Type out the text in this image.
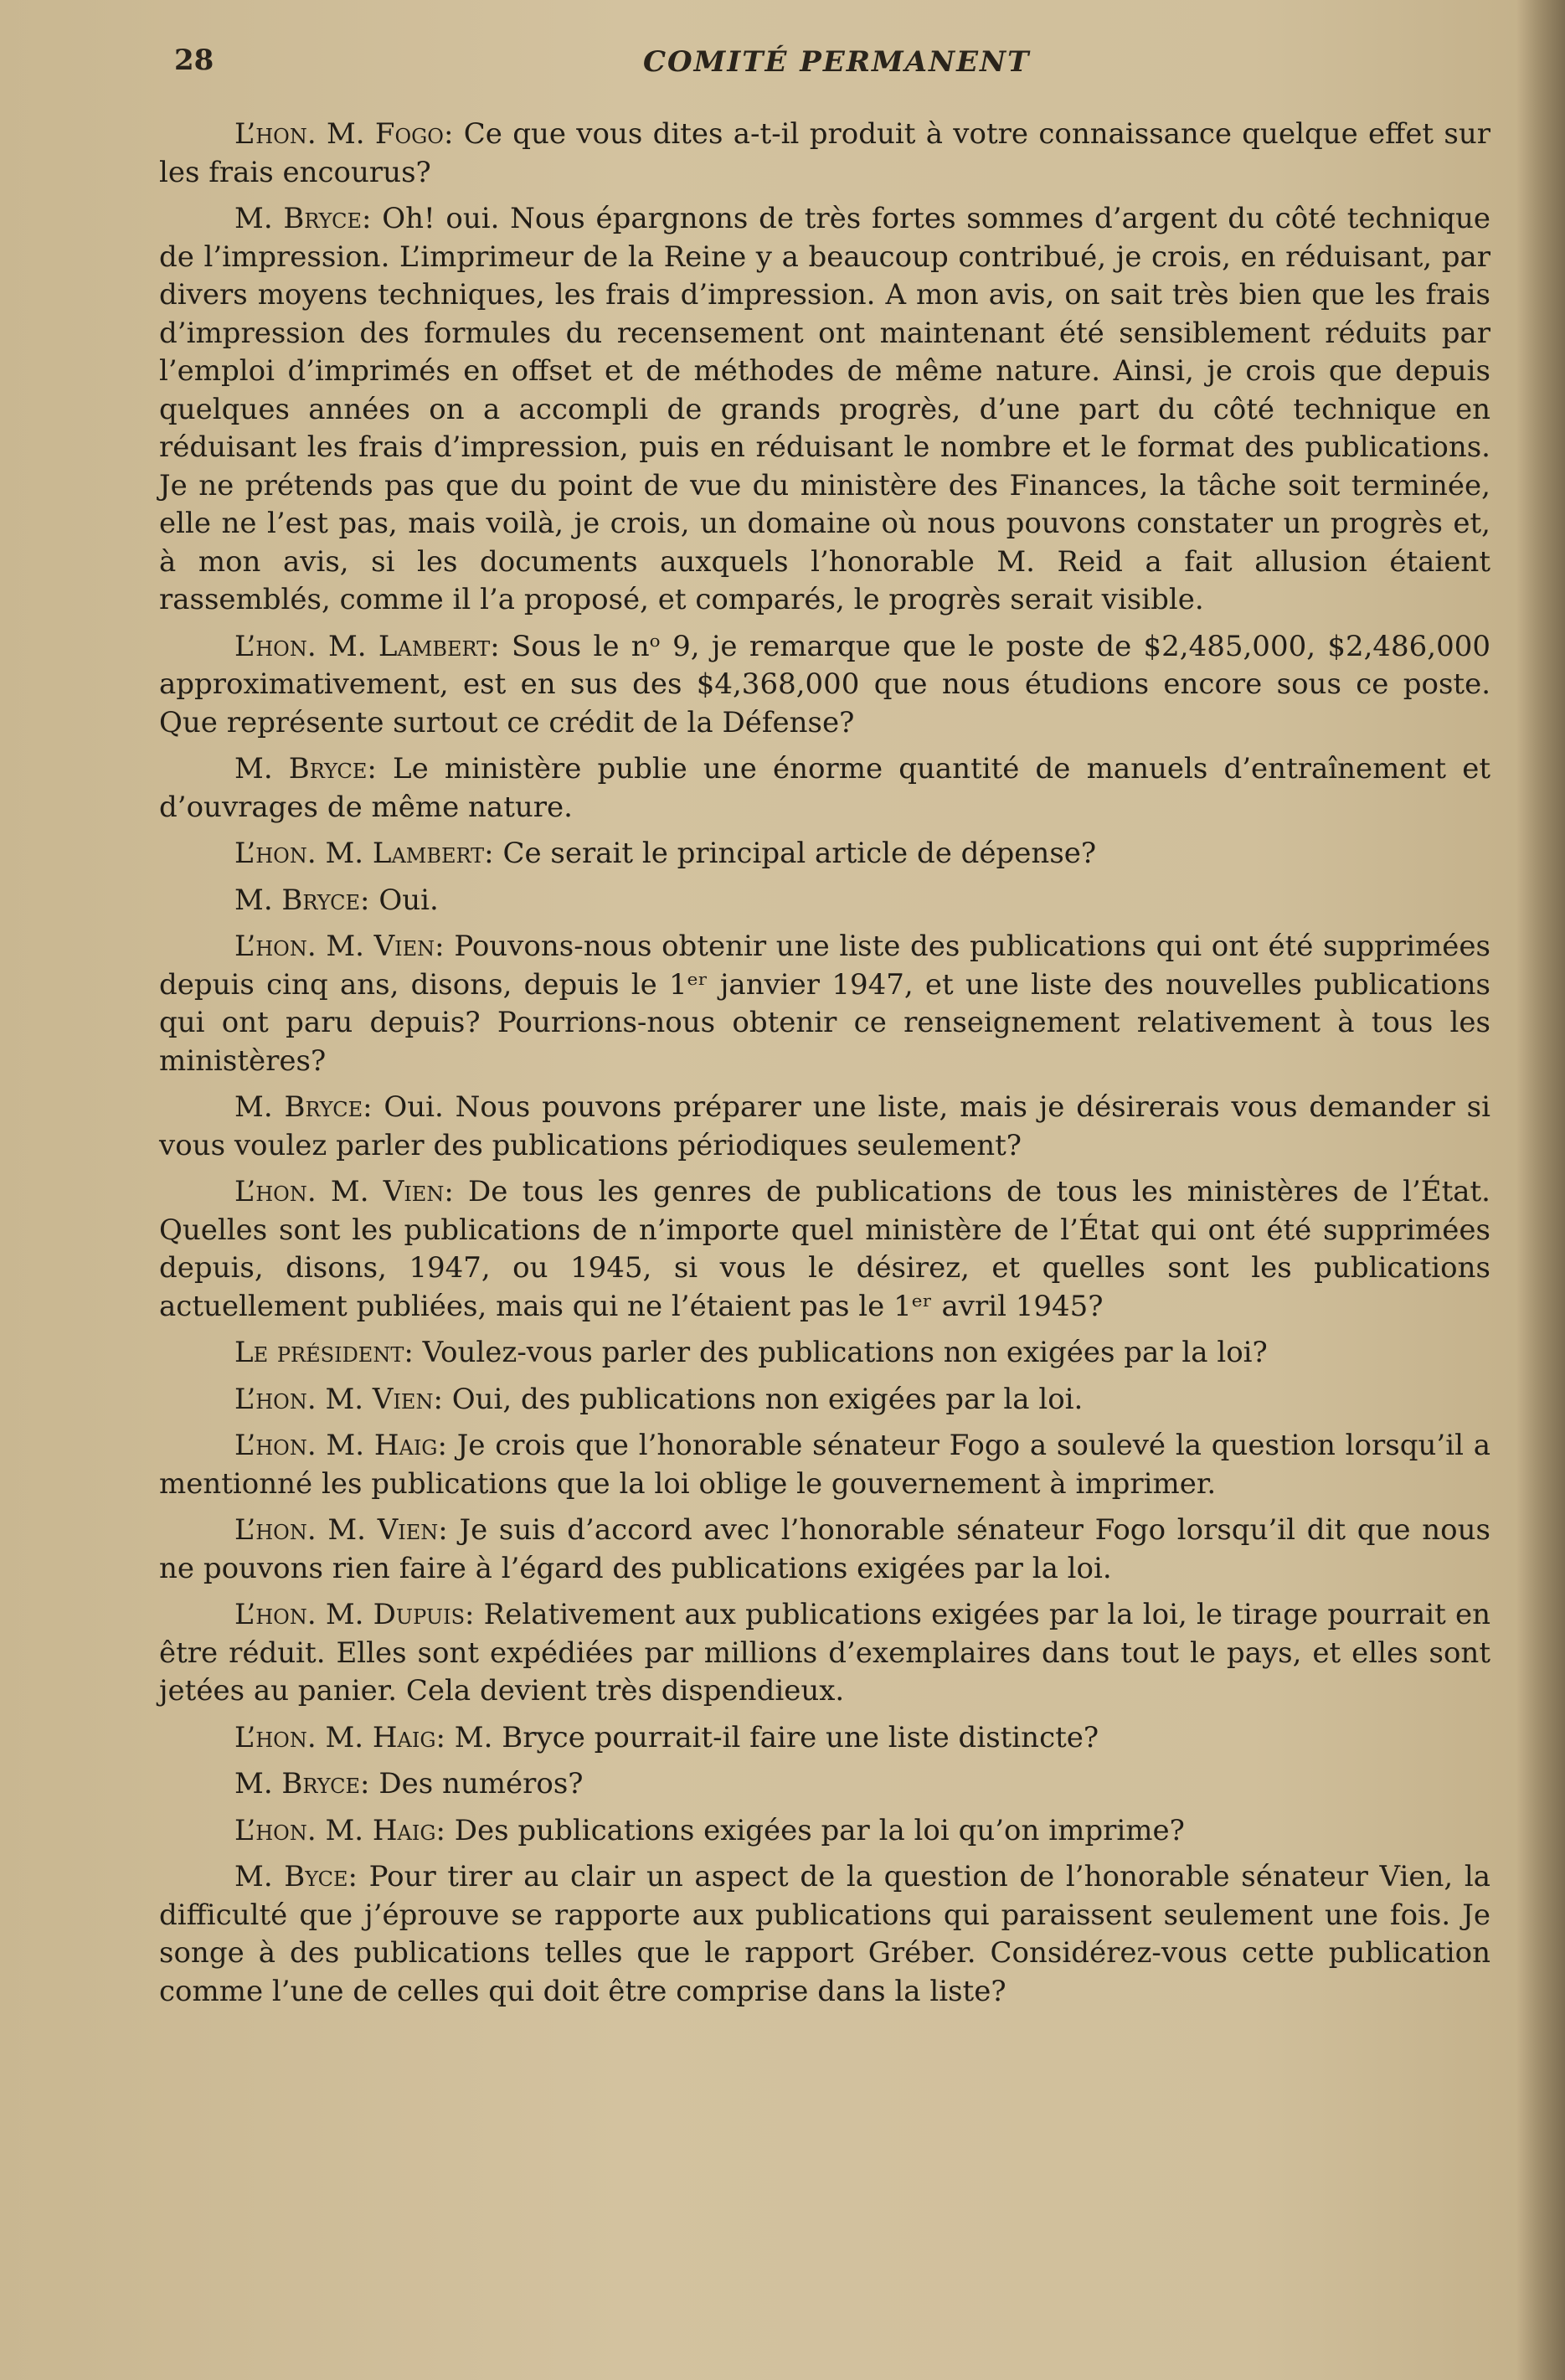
28	COMITÉ PERMANENT

L’hon. M. Fogo: Ce que vous dites a-t-il produit à votre connaissance quelque effet sur les frais encourus?

M. Bryce: Oh! oui. Nous épargnons de très fortes sommes d’argent du côté technique de l’impression. L’imprimeur de la Reine y a beaucoup contribué, je crois, en réduisant, par divers moyens techniques, les frais d’impression. A mon avis, on sait très bien que les frais d’impression des formules du recensement ont maintenant été sensiblement réduits par l’emploi d’imprimés en offset et de méthodes de même nature. Ainsi, je crois que depuis quelques années on a accompli de grands progrès, d’une part du côté technique en réduisant les frais d’impression, puis en réduisant le nombre et le format des publications. Je ne prétends pas que du point de vue du ministère des Finances, la tâche soit terminée, elle ne l’est pas, mais voilà, je crois, un domaine où nous pouvons constater un progrès et, à mon avis, si les documents auxquels l’honorable M. Reid a fait allusion étaient rassemblés, comme il l’a proposé, et comparés, le progrès serait visible.

L’hon. M. Lambert: Sous le nᵒ 9, je remarque que le poste de $2,485,000, $2,486,000 approximativement, est en sus des $4,368,000 que nous étudions encore sous ce poste. Que représente surtout ce crédit de la Défense?

M. Bryce: Le ministère publie une énorme quantité de manuels d’entraînement et d’ouvrages de même nature.

L’hon. M. Lambert: Ce serait le principal article de dépense?

M. Bryce: Oui.

L’hon. M. Vien: Pouvons-nous obtenir une liste des publications qui ont été supprimées depuis cinq ans, disons, depuis le 1ᵉʳ janvier 1947, et une liste des nouvelles publications qui ont paru depuis? Pourrions-nous obtenir ce renseignement relativement à tous les ministères?

M. Bryce: Oui. Nous pouvons préparer une liste, mais je désirerais vous demander si vous voulez parler des publications périodiques seulement?

L’hon. M. Vien: De tous les genres de publications de tous les ministères de l’État. Quelles sont les publications de n’importe quel ministère de l’État qui ont été supprimées depuis, disons, 1947, ou 1945, si vous le désirez, et quelles sont les publications actuellement publiées, mais qui ne l’étaient pas le 1ᵉʳ avril 1945?

Le président: Voulez-vous parler des publications non exigées par la loi?

L’hon. M. Vien: Oui, des publications non exigées par la loi.

L’hon. M. Haig: Je crois que l’honorable sénateur Fogo a soulevé la question lorsqu’il a mentionné les publications que la loi oblige le gouvernement à imprimer.

L’hon. M. Vien: Je suis d’accord avec l’honorable sénateur Fogo lorsqu’il dit que nous ne pouvons rien faire à l’égard des publications exigées par la loi.

L’hon. M. Dupuis: Relativement aux publications exigées par la loi, le tirage pourrait en être réduit. Elles sont expédiées par millions d’exemplaires dans tout le pays, et elles sont jetées au panier. Cela devient très dispendieux.

L’hon. M. Haig: M. Bryce pourrait-il faire une liste distincte?

M. Bryce: Des numéros?

L’hon. M. Haig: Des publications exigées par la loi qu’on imprime?

M. Byce: Pour tirer au clair un aspect de la question de l’honorable sénateur Vien, la difficulté que j’éprouve se rapporte aux publications qui paraissent seulement une fois. Je songe à des publications telles que le rapport Gréber. Considérez-vous cette publication comme l’une de celles qui doit être comprise dans la liste?
